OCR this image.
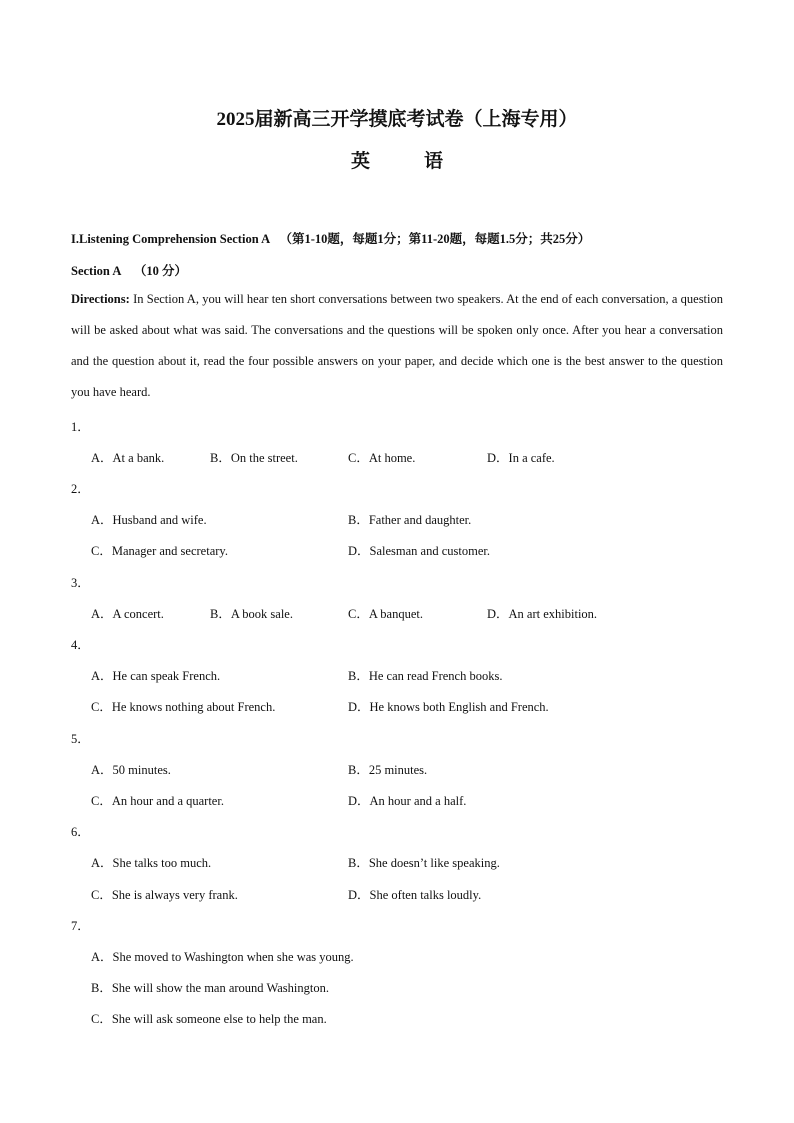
2025届新高三开学摸底考试卷（上海专用）
英	语
I.Listening Comprehension Section A （第1-10题，每题1分；第11-20题，每题1.5分；共25分）
Section A （10 分）
Directions: In Section A, you will hear ten short conversations between two speakers. At the end of each conversation, a question will be asked about what was said. The conversations and the questions will be spoken only once. After you hear a conversation and the question about it, read the four possible answers on your paper, and decide which one is the best answer to the question you have heard.
1．
A．At a bank.	B．On the street.	C．At home.	D．In a cafe.
2．
A．Husband and wife.	B．Father and daughter.
C．Manager and secretary.	D．Salesman and customer.
3．
A．A concert.	B．A book sale.	C．A banquet.	D．An art exhibition.
4．
A．He can speak French.	B．He can read French books.
C．He knows nothing about French.	D．He knows both English and French.
5．
A．50 minutes.	B．25 minutes.
C．An hour and a quarter.	D．An hour and a half.
6．
A．She talks too much.	B．She doesn’t like speaking.
C．She is always very frank.	D．She often talks loudly.
7．
A．She moved to Washington when she was young.
B．She will show the man around Washington.
C．She will ask someone else to help the man.
